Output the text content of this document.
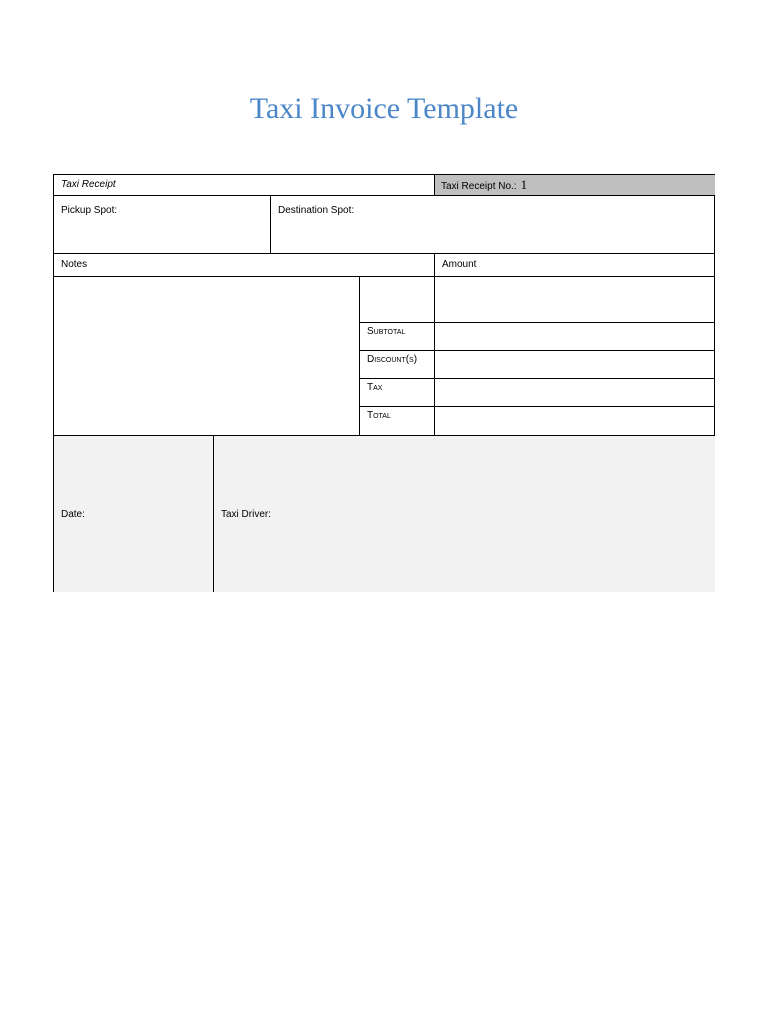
Taxi Invoice Template
Taxi Receipt	Taxi Receipt No.: 1
Pickup Spot:	Destination Spot:
Notes	Amount
Subtotal
Discount(s)
Tax
Total
Date:	Taxi Driver:
